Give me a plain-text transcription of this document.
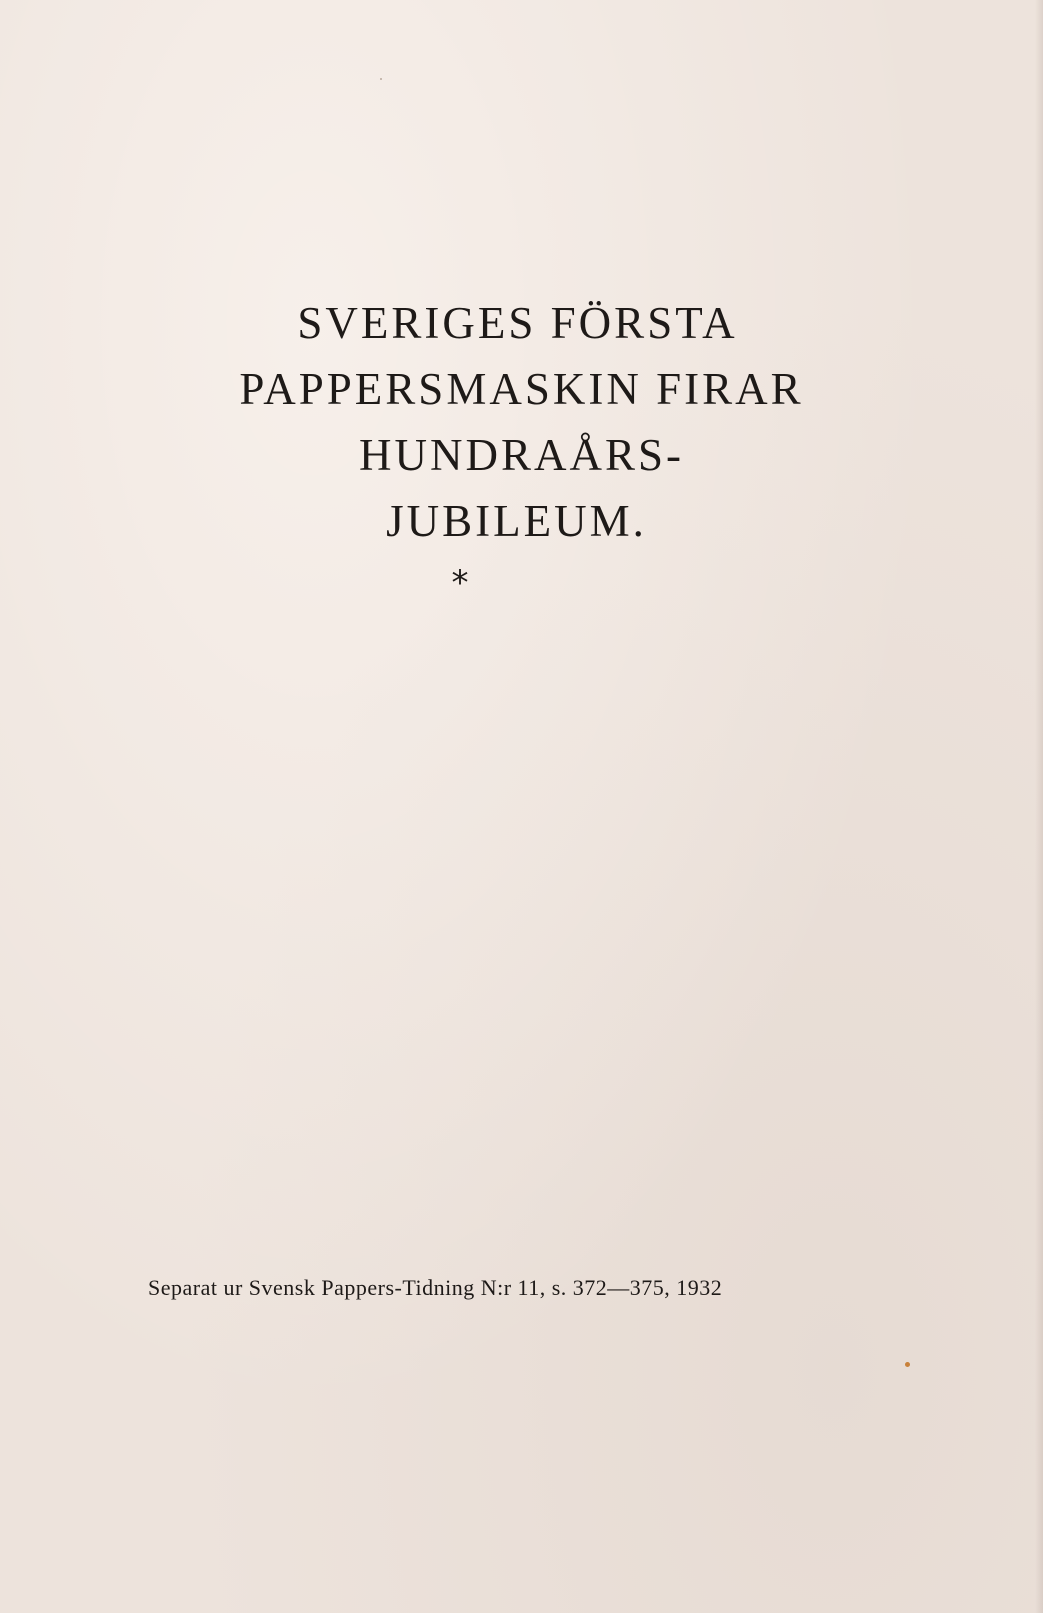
SVERIGES FÖRSTA
PAPPERSMASKIN FIRAR
HUNDRAÅRS-
JUBILEUM.
*
Separat ur Svensk Pappers-Tidning N:r 11, s. 372—375, 1932
